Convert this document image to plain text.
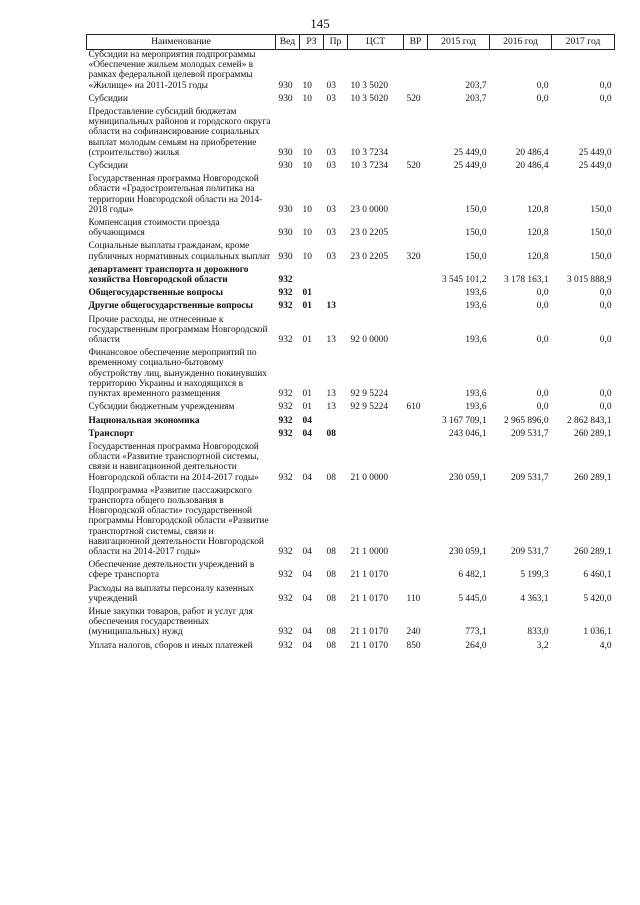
145
Наименование	Вед	РЗ	Пр	ЦСТ	ВР	2015 год	2016 год	2017 год
Субсидии на мероприятия подпрограммы «Обеспечение жильем молодых семей» в рамках федеральной целевой программы «Жилище» на 2011-2015 годы	930	10	03	10 3 5020		203,7	0,0	0,0
Субсидии	930	10	03	10 3 5020	520	203,7	0,0	0,0
Предоставление субсидий бюджетам муниципальных районов и городского округа области на софинансирование социальных выплат молодым семьям на приобретение (строительство) жилья	930	10	03	10 3 7234		25 449,0	20 486,4	25 449,0
Субсидии	930	10	03	10 3 7234	520	25 449,0	20 486,4	25 449,0
Государственная программа Новгородской области «Градостроительная политика на территории Новгородской области на 2014-2018 годы»	930	10	03	23 0 0000		150,0	120,8	150,0
Компенсация стоимости проезда обучающимся	930	10	03	23 0 2205		150,0	120,8	150,0
Социальные выплаты гражданам, кроме публичных нормативных социальных выплат	930	10	03	23 0 2205	320	150,0	120,8	150,0
департамент транспорта и дорожного хозяйства Новгородской области	932					3 545 101,2	3 178 163,1	3 015 888,9
Общегосударственные вопросы	932	01				193,6	0,0	0,0
Другие общегосударственные вопросы	932	01	13			193,6	0,0	0,0
Прочие расходы, не отнесенные к государственным программам Новгородской области	932	01	13	92 0 0000		193,6	0,0	0,0
Финансовое обеспечение мероприятий по временному социально-бытовому обустройству лиц, вынужденно покинувших территорию Украины и находящихся в пунктах временного размещения	932	01	13	92 9 5224		193,6	0,0	0,0
Субсидии бюджетным учреждениям	932	01	13	92 9 5224	610	193,6	0,0	0,0
Национальная экономика	932	04				3 167 709,1	2 965 896,0	2 862 843,1
Транспорт	932	04	08			243 046,1	209 531,7	260 289,1
Государственная программа Новгородской области «Развитие транспортной системы, связи и навигационной деятельности Новгородской области на 2014-2017 годы»	932	04	08	21 0 0000		230 059,1	209 531,7	260 289,1
Подпрограмма «Развитие пассажирского транспорта общего пользования в Новгородской области» государственной программы Новгородской области «Развитие транспортной системы, связи и навигационной деятельности Новгородской области на 2014-2017 годы»	932	04	08	21 1 0000		230 059,1	209 531,7	260 289,1
Обеспечение деятельности учреждений в сфере транспорта	932	04	08	21 1 0170		6 482,1	5 199,3	6 460,1
Расходы на выплаты персоналу казенных учреждений	932	04	08	21 1 0170	110	5 445,0	4 363,1	5 420,0
Иные закупки товаров, работ и услуг для обеспечения государственных (муниципальных) нужд	932	04	08	21 1 0170	240	773,1	833,0	1 036,1
Уплата налогов, сборов и иных платежей	932	04	08	21 1 0170	850	264,0	3,2	4,0
